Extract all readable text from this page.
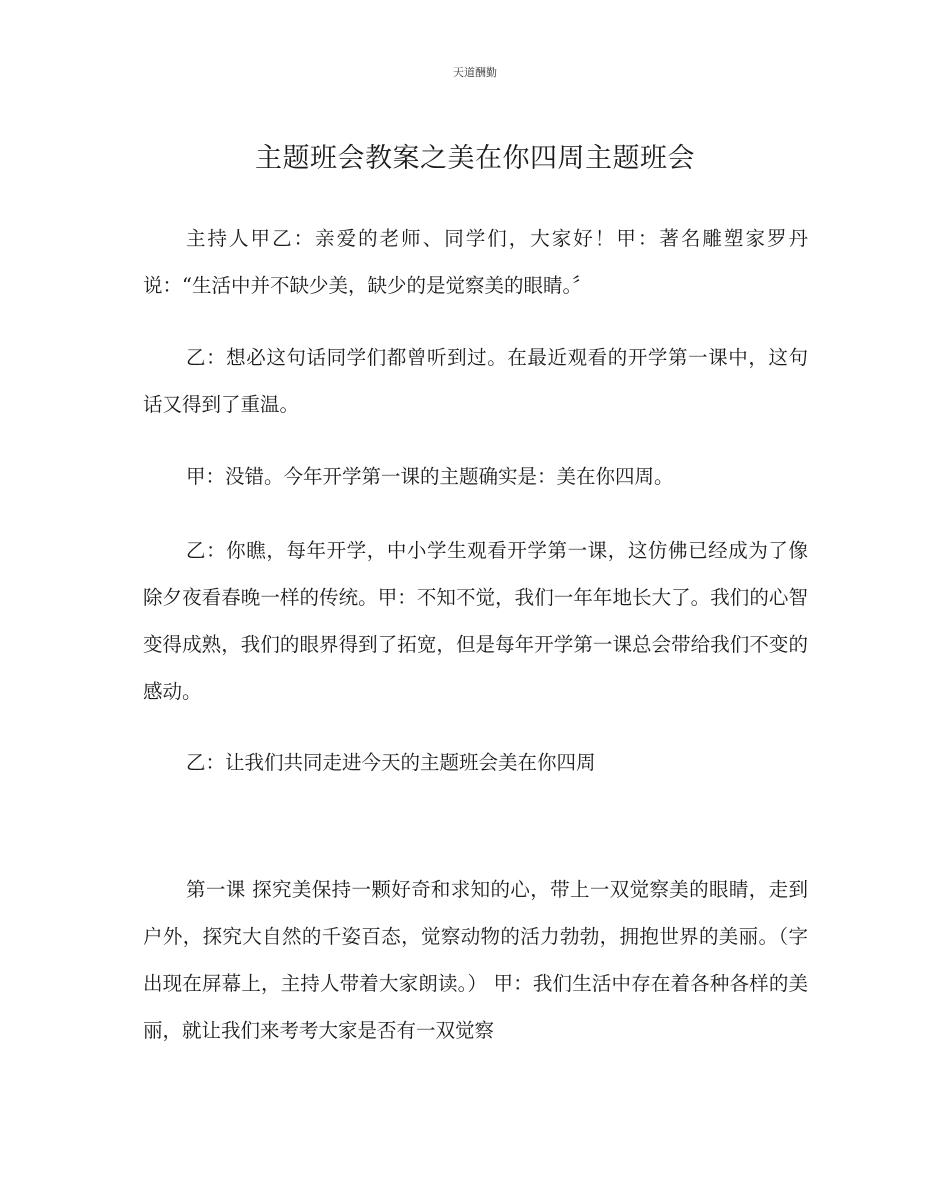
天道酬勤
主题班会教案之美在你四周主题班会

主持人甲乙：亲爱的老师、同学们，大家好！甲：著名雕塑家罗丹说：“生活中并不缺少美，缺少的是觉察美的眼睛。〞

乙：想必这句话同学们都曾听到过。在最近观看的开学第一课中，这句话又得到了重温。

甲：没错。今年开学第一课的主题确实是：美在你四周。

乙：你瞧，每年开学，中小学生观看开学第一课，这仿佛已经成为了像除夕夜看春晚一样的传统。甲：不知不觉，我们一年年地长大了。我们的心智变得成熟，我们的眼界得到了拓宽，但是每年开学第一课总会带给我们不变的感动。

乙：让我们共同走进今天的主题班会美在你四周

第一课 探究美保持一颗好奇和求知的心，带上一双觉察美的眼睛，走到户外，探究大自然的千姿百态，觉察动物的活力勃勃，拥抱世界的美丽。（字出现在屏幕上，主持人带着大家朗读。） 甲：我们生活中存在着各种各样的美丽，就让我们来考考大家是否有一双觉察
